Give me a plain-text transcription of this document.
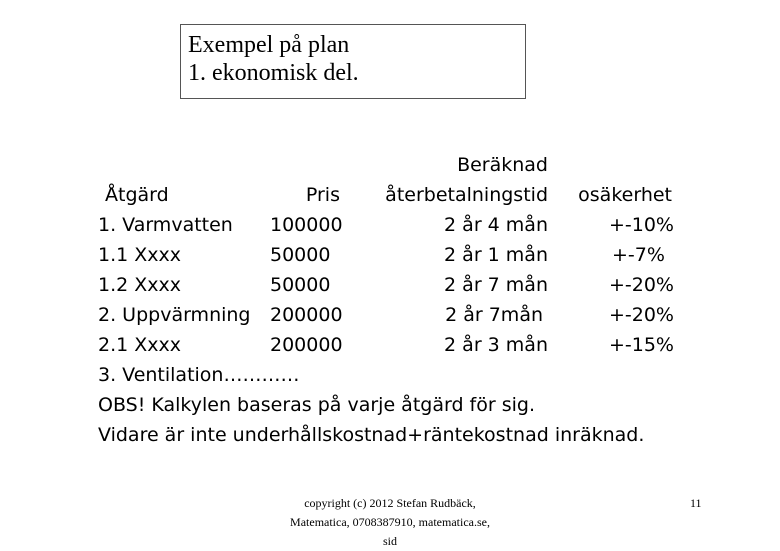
Exempel på plan
1. ekonomisk del.
Beräknad
Åtgärd	Pris	återbetalningstid	osäkerhet
1. Varmvatten 100000	2 år 4 mån	+-10%
1.1 Xxxx	50000	2 år 1 mån	+-7%
1.2 Xxxx	50000	2 år 7 mån	+-20%
2. Uppvärmning 200000	2 år 7mån	+-20%
2.1 Xxxx	200000	2 år 3 mån	+-15%
3. Ventilation…………
OBS! Kalkylen baseras på varje åtgärd för sig.
Vidare är inte underhållskostnad+räntekostnad inräknad.
copyright (c) 2012 Stefan Rudbäck,
Matematica, 0708387910, matematica.se,
sid
11
